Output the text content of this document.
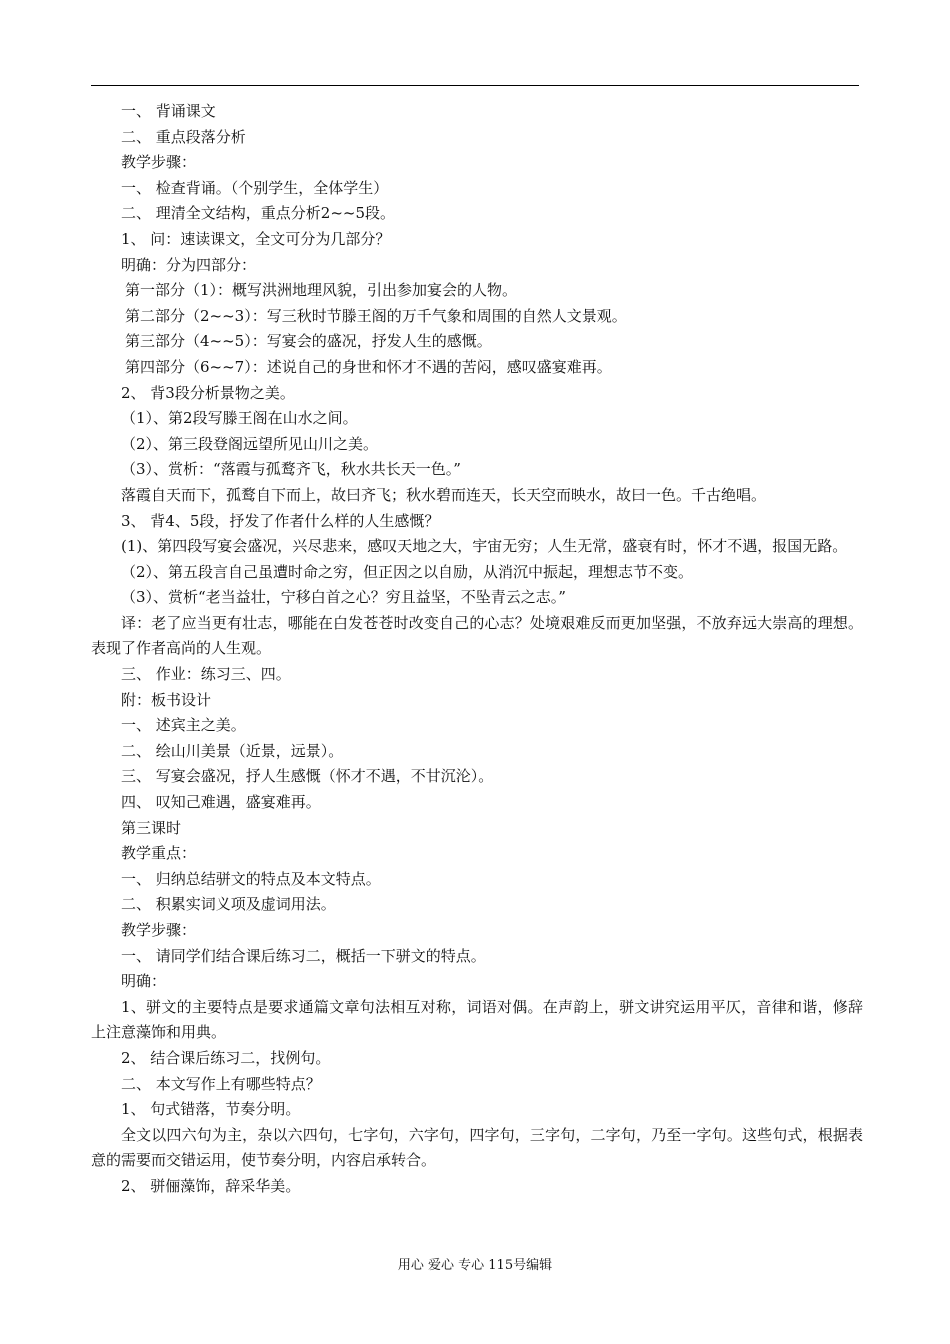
一、 背诵课文

二、 重点段落分析

教学步骤：

一、 检查背诵。（个别学生，全体学生）

二、 理清全文结构，重点分析2~~5段。

1、 问：速读课文，全文可分为几部分？

明确：分为四部分：

第一部分（1）：概写洪洲地理风貌，引出参加宴会的人物。

第二部分（2~~3）：写三秋时节滕王阁的万千气象和周围的自然人文景观。

第三部分（4~~5）：写宴会的盛况，抒发人生的感慨。

第四部分（6~~7）：述说自己的身世和怀才不遇的苦闷，感叹盛宴难再。

2、 背3段分析景物之美。

（1）、第2段写滕王阁在山水之间。

（2）、第三段登阁远望所见山川之美。

（3）、赏析：“落霞与孤鹜齐飞，秋水共长天一色。”

落霞自天而下，孤鹜自下而上，故曰齐飞；秋水碧而连天，长天空而映水，故曰一色。千古绝唱。

3、 背4、5段，抒发了作者什么样的人生感慨？

(1)、第四段写宴会盛况，兴尽悲来，感叹天地之大，宇宙无穷；人生无常，盛衰有时，怀才不遇，报国无路。

（2）、第五段言自己虽遭时命之穷，但正因之以自励，从消沉中振起，理想志节不变。

（3）、赏析“老当益壮，宁移白首之心？穷且益坚，不坠青云之志。”

译：老了应当更有壮志，哪能在白发苍苍时改变自己的心志？处境艰难反而更加坚强，不放弃远大崇高的理想。表现了作者高尚的人生观。

三、 作业：练习三、四。

附：板书设计

一、 述宾主之美。

二、 绘山川美景（近景，远景）。

三、 写宴会盛况，抒人生感慨（怀才不遇，不甘沉沦）。

四、 叹知己难遇，盛宴难再。

第三课时

教学重点：

一、 归纳总结骈文的特点及本文特点。

二、 积累实词义项及虚词用法。

教学步骤：

一、 请同学们结合课后练习二，概括一下骈文的特点。

明确：

1、骈文的主要特点是要求通篇文章句法相互对称，词语对偶。在声韵上，骈文讲究运用平仄，音律和谐，修辞上注意藻饰和用典。

2、 结合课后练习二，找例句。

二、 本文写作上有哪些特点？

1、 句式错落，节奏分明。

全文以四六句为主，杂以六四句，七字句，六字句，四字句，三字句，二字句，乃至一字句。这些句式，根据表意的需要而交错运用，使节奏分明，内容启承转合。

2、 骈俪藻饰，辞采华美。

用心 爱心 专心 115号编辑
